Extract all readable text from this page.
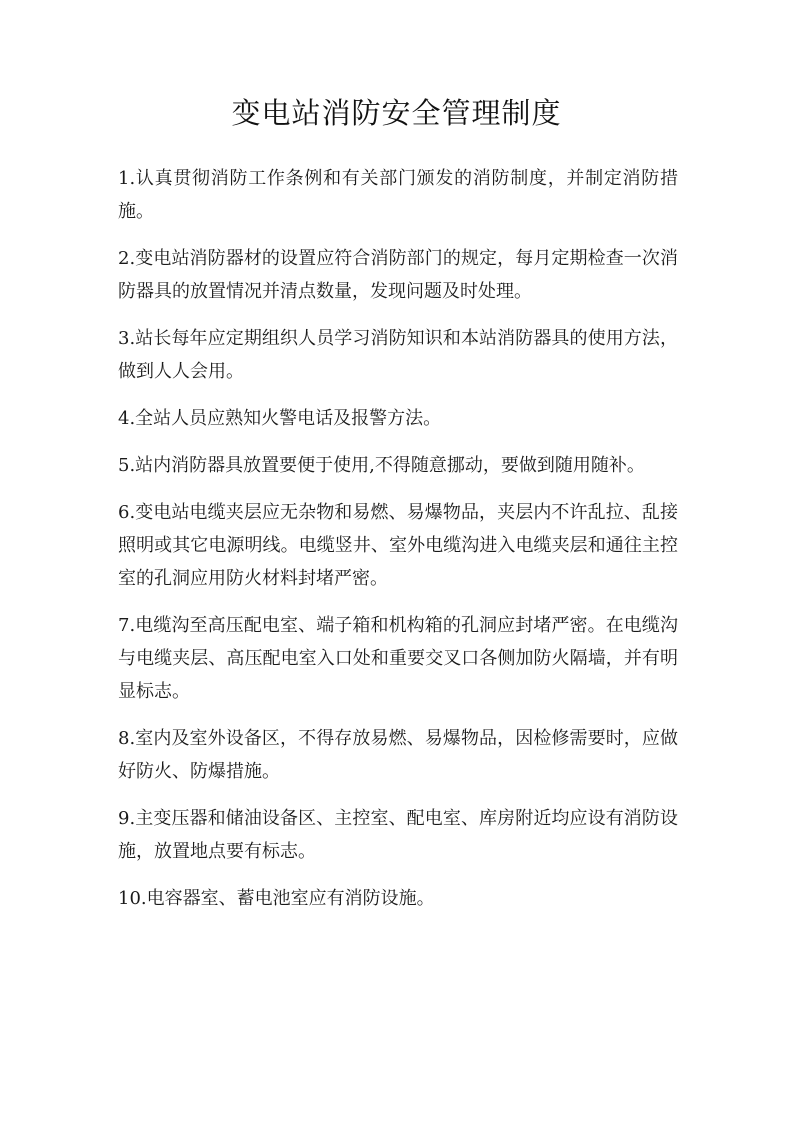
变电站消防安全管理制度

1.认真贯彻消防工作条例和有关部门颁发的消防制度，并制定消防措施。

2.变电站消防器材的设置应符合消防部门的规定，每月定期检查一次消防器具的放置情况并清点数量，发现问题及时处理。

3.站长每年应定期组织人员学习消防知识和本站消防器具的使用方法，做到人人会用。

4.全站人员应熟知火警电话及报警方法。

5.站内消防器具放置要便于使用,不得随意挪动，要做到随用随补。

6.变电站电缆夹层应无杂物和易燃、易爆物品，夹层内不许乱拉、乱接照明或其它电源明线。电缆竖井、室外电缆沟进入电缆夹层和通往主控室的孔洞应用防火材料封堵严密。

7.电缆沟至高压配电室、端子箱和机构箱的孔洞应封堵严密。在电缆沟与电缆夹层、高压配电室入口处和重要交叉口各侧加防火隔墙，并有明显标志。

8.室内及室外设备区，不得存放易燃、易爆物品，因检修需要时，应做好防火、防爆措施。

9.主变压器和储油设备区、主控室、配电室、库房附近均应设有消防设施，放置地点要有标志。

10.电容器室、蓄电池室应有消防设施。
